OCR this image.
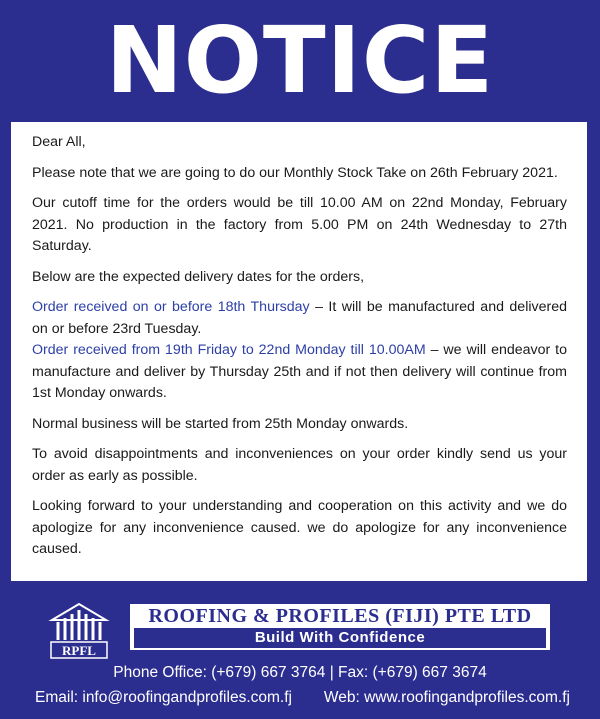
NOTICE

Dear All,

Please note that we are going to do our Monthly Stock Take on 26th February 2021.

Our cutoff time for the orders would be till 10.00 AM on 22nd Monday, February 2021. No production in the factory from 5.00 PM on 24th Wednesday to 27th Saturday.

Below are the expected delivery dates for the orders,

Order received on or before 18th Thursday – It will be manufactured and delivered on or before 23rd Tuesday.

Order received from 19th Friday to 22nd Monday till 10.00AM – we will endeavor to manufacture and deliver by Thursday 25th and if not then delivery will continue from 1st Monday onwards.

Normal business will be started from 25th Monday onwards.

To avoid disappointments and inconveniences on your order kindly send us your order as early as possible.

Looking forward to your understanding and cooperation on this activity and we do apologize for any inconvenience caused. we do apologize for any inconvenience caused.

RPFL
ROOFING & PROFILES (FIJI) PTE LTD
Build With Confidence
Phone Office: (+679) 667 3764 | Fax: (+679) 667 3674
Email: info@roofingandprofiles.com.fj Web: www.roofingandprofiles.com.fj
